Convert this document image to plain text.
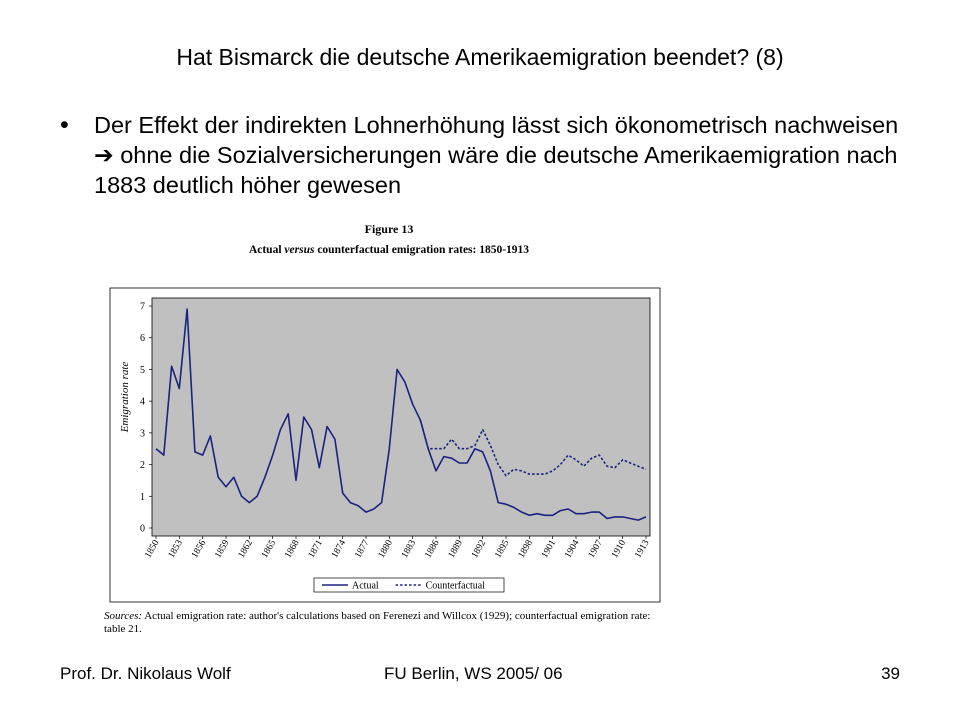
Hat Bismarck die deutsche Amerikaemigration beendet? (8)
• Der Effekt der indirekten Lohnerhöhung lässt sich ökonometrisch nachweisen ➔ ohne die Sozialversicherungen wäre die deutsche Amerikaemigration nach 1883 deutlich höher gewesen
Figure 13
Actual versus counterfactual emigration rates: 1850-1913
Emigration rate
0
1
2
3
4
5
6
7
1850 1853 1856 1859 1862 1865 1868 1871 1874 1877 1880 1883 1886 1889 1892 1895 1898 1901 1904 1907 1910 1913
Actual	Counterfactual
Sources: Actual emigration rate: author's calculations based on Ferenezi and Willcox (1929); counterfactual emigration rate: table 21.
Prof. Dr. Nikolaus Wolf	FU Berlin, WS 2005/ 06	39
